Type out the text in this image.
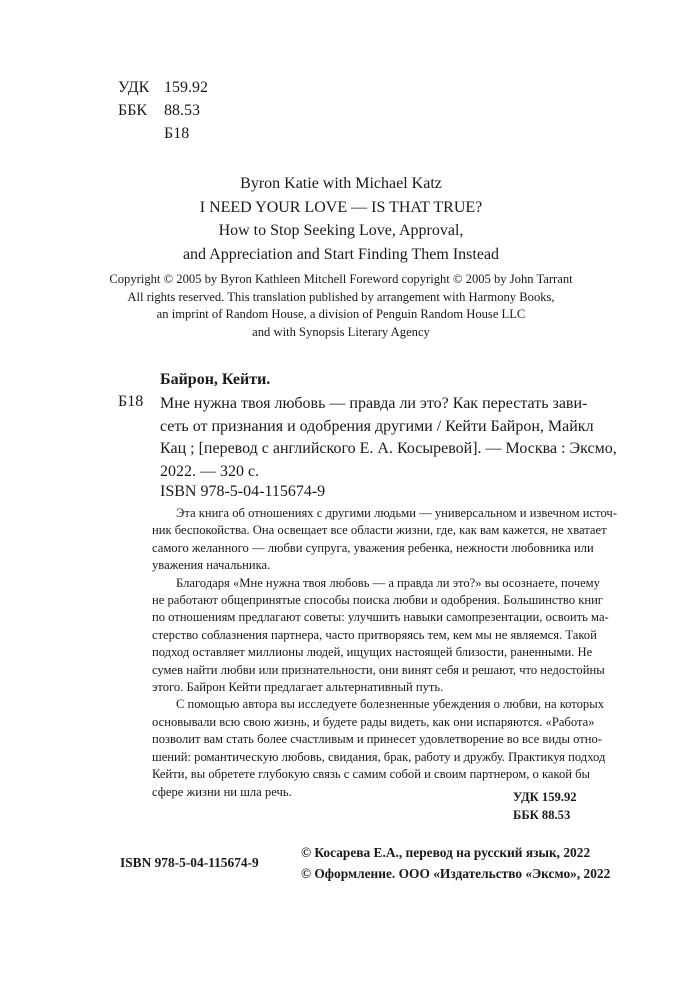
УДК 159.92
ББК 88.53
Б18
Byron Katie with Michael Katz
I NEED YOUR LOVE — IS THAT TRUE?
How to Stop Seeking Love, Approval,
and Appreciation and Start Finding Them Instead
Copyright © 2005 by Byron Kathleen Mitchell Foreword copyright © 2005 by John Tarrant
All rights reserved. This translation published by arrangement with Harmony Books,
an imprint of Random House, a division of Penguin Random House LLC
and with Synopsis Literary Agency
Байрон, Кейти.
Б18 Мне нужна твоя любовь — правда ли это? Как перестать зави-
сеть от признания и одобрения другими / Кейти Байрон, Майкл
Кац ; [перевод с английского Е. А. Косыревой]. — Москва : Эксмо,
2022. — 320 с.
ISBN 978-5-04-115674-9
Эта книга об отношениях с другими людьми — универсальном и извечном источ-
ник беспокойства. Она освещает все области жизни, где, как вам кажется, не хватает
самого желанного — любви супруга, уважения ребенка, нежности любовника или
уважения начальника.
Благодаря «Мне нужна твоя любовь — а правда ли это?» вы осознаете, почему
не работают общепринятые способы поиска любви и одобрения. Большинство книг
по отношениям предлагают советы: улучшить навыки самопрезентации, освоить ма-
стерство соблазнения партнера, часто притворяясь тем, кем мы не являемся. Такой
подход оставляет миллионы людей, ищущих настоящей близости, раненными. Не
сумев найти любви или признательности, они винят себя и решают, что недостойны
этого. Байрон Кейти предлагает альтернативный путь.
С помощью автора вы исследуете болезненные убеждения о любви, на которых
основывали всю свою жизнь, и будете рады видеть, как они испаряются. «Работа»
позволит вам стать более счастливым и принесет удовлетворение во все виды отно-
шений: романтическую любовь, свидания, брак, работу и дружбу. Практикуя подход
Кейти, вы обретете глубокую связь с самим собой и своим партнером, о какой бы
сфере жизни ни шла речь.	УДК 159.92
ББК 88.53
ISBN 978-5-04-115674-9
© Косарева Е.А., перевод на русский язык, 2022
© Оформление. ООО «Издательство «Эксмо», 2022
